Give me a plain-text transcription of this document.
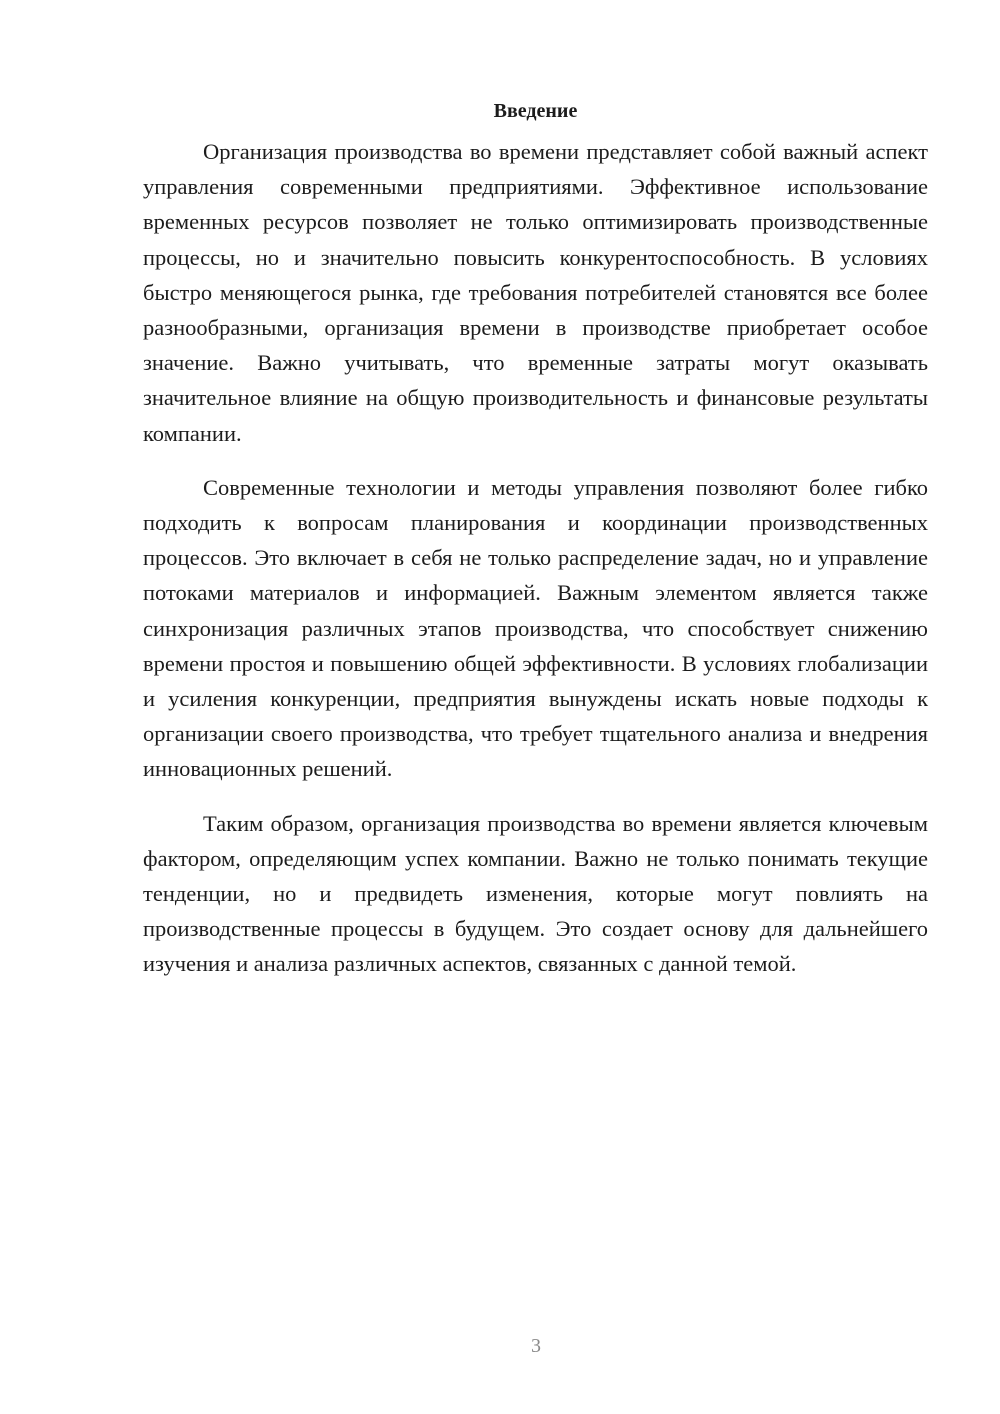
Введение

Организация производства во времени представляет собой важный аспект управления современными предприятиями. Эффективное использование временных ресурсов позволяет не только оптимизировать производственные процессы, но и значительно повысить конкурентоспособность. В условиях быстро меняющегося рынка, где требования потребителей становятся все более разнообразными, организация времени в производстве приобретает особое значение. Важно учитывать, что временные затраты могут оказывать значительное влияние на общую производительность и финансовые результаты компании.

Современные технологии и методы управления позволяют более гибко подходить к вопросам планирования и координации производственных процессов. Это включает в себя не только распределение задач, но и управление потоками материалов и информацией. Важным элементом является также синхронизация различных этапов производства, что способствует снижению времени простоя и повышению общей эффективности. В условиях глобализации и усиления конкуренции, предприятия вынуждены искать новые подходы к организации своего производства, что требует тщательного анализа и внедрения инновационных решений.

Таким образом, организация производства во времени является ключевым фактором, определяющим успех компании. Важно не только понимать текущие тенденции, но и предвидеть изменения, которые могут повлиять на производственные процессы в будущем. Это создает основу для дальнейшего изучения и анализа различных аспектов, связанных с данной темой.

3
